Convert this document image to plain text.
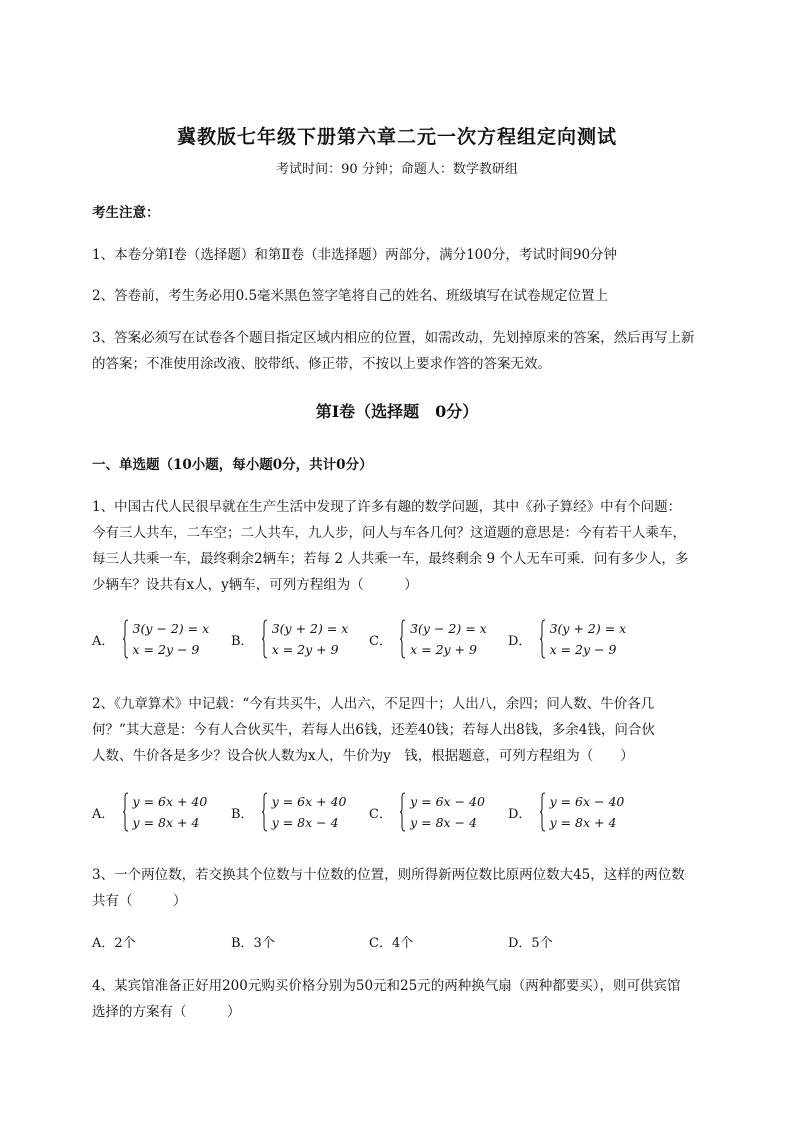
冀教版七年级下册第六章二元一次方程组定向测试
考试时间：90 分钟；命题人：数学教研组
考生注意：
1、本卷分第Ⅰ卷（选择题）和第Ⅱ卷（非选择题）两部分，满分100分，考试时间90分钟
2、答卷前，考生务必用0.5毫米黑色签字笔将自己的姓名、班级填写在试卷规定位置上
3、答案必须写在试卷各个题目指定区域内相应的位置，如需改动，先划掉原来的答案，然后再写上新
的答案；不准使用涂改液、胶带纸、修正带，不按以上要求作答的答案无效。
第Ⅰ卷（选择题　0分）
一、单选题（10小题，每小题0分，共计0分）
1、中国古代人民很早就在生产生活中发现了许多有趣的数学问题，其中《孙子算经》中有个问题：
今有三人共车，二车空；二人共车，九人步，问人与车各几何？这道题的意思是：今有若干人乘车，
每三人共乘一车，最终剩余2辆车；若每 2 人共乘一车，最终剩余 9 个人无车可乘．问有多少人，多
少辆车？设共有x人，y辆车，可列方程组为（　　　）
A．
3(y − 2) = x
x = 2y − 9
B．
3(y + 2) = x
x = 2y + 9
C．
3(y − 2) = x
x = 2y + 9
D．
3(y + 2) = x
x = 2y − 9
2、《九章算术》中记载：“今有共买牛，人出六，不足四十；人出八，余四；问人数、牛价各几
何？”其大意是：今有人合伙买牛，若每人出6钱，还差40钱；若每人出8钱，多余4钱，问合伙
人数、牛价各是多少？设合伙人数为x人，牛价为y　钱，根据题意，可列方程组为（　　）
A．
y = 6x + 40
y = 8x + 4
B．
y = 6x + 40
y = 8x − 4
C．
y = 6x − 40
y = 8x − 4
D．
y = 6x − 40
y = 8x + 4
3、一个两位数，若交换其个位数与十位数的位置，则所得新两位数比原两位数大45，这样的两位数
共有（　　　）
A．2个	B．3个	C．4个	D．5个
4、某宾馆准备正好用200元购买价格分别为50元和25元的两种换气扇（两种都要买），则可供宾馆
选择的方案有（　　　）
